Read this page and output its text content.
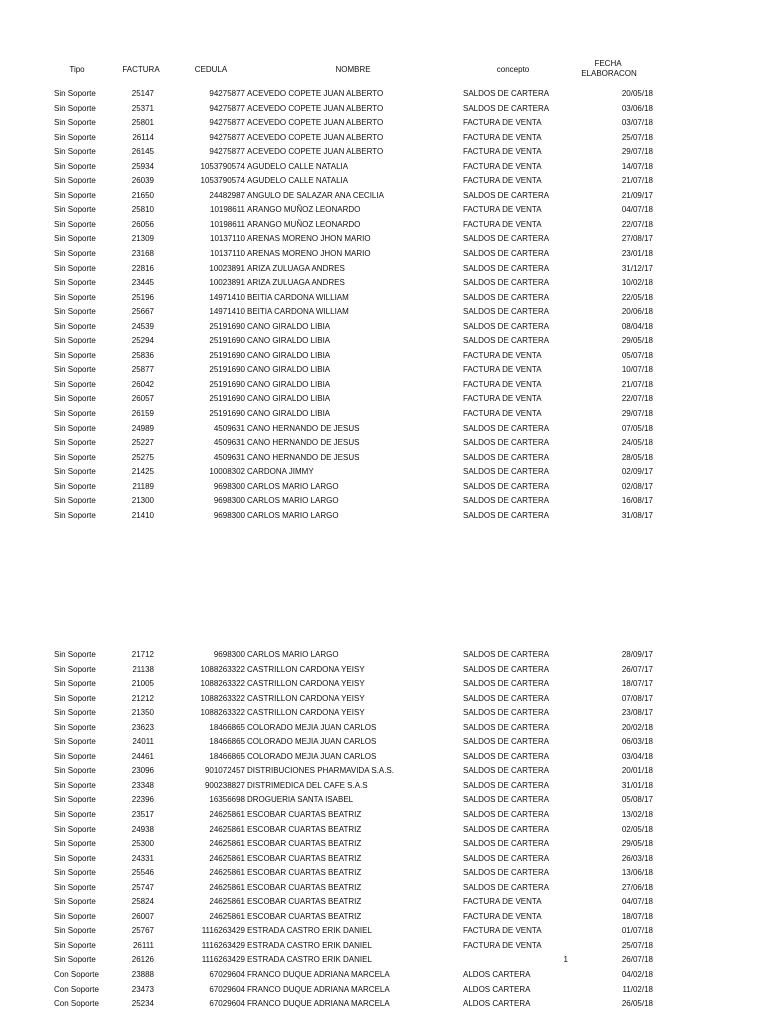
Tipo	FACTURA	CEDULA	NOMBRE	concepto
FECHA
ELABORACON
Sin Soporte	25147	94275877 ACEVEDO COPETE JUAN ALBERTO	SALDOS DE CARTERA	20/05/18
Sin Soporte	25371	94275877 ACEVEDO COPETE JUAN ALBERTO	SALDOS DE CARTERA	03/06/18
Sin Soporte	25801	94275877 ACEVEDO COPETE JUAN ALBERTO	FACTURA DE VENTA	03/07/18
Sin Soporte	26114	94275877 ACEVEDO COPETE JUAN ALBERTO	FACTURA DE VENTA	25/07/18
Sin Soporte	26145	94275877 ACEVEDO COPETE JUAN ALBERTO	FACTURA DE VENTA	29/07/18
Sin Soporte	25934	1053790574 AGUDELO CALLE NATALIA	FACTURA DE VENTA	14/07/18
Sin Soporte	26039	1053790574 AGUDELO CALLE NATALIA	FACTURA DE VENTA	21/07/18
Sin Soporte	21650	24482987 ANGULO DE SALAZAR ANA CECILIA	SALDOS DE CARTERA	21/09/17
Sin Soporte	25810	10198611 ARANGO MUÑOZ LEONARDO	FACTURA DE VENTA	04/07/18
Sin Soporte	26056	10198611 ARANGO MUÑOZ LEONARDO	FACTURA DE VENTA	22/07/18
Sin Soporte	21309	10137110 ARENAS MORENO JHON MARIO	SALDOS DE CARTERA	27/08/17
Sin Soporte	23168	10137110 ARENAS MORENO JHON MARIO	SALDOS DE CARTERA	23/01/18
Sin Soporte	22816	10023891 ARIZA ZULUAGA ANDRES	SALDOS DE CARTERA	31/12/17
Sin Soporte	23445	10023891 ARIZA ZULUAGA ANDRES	SALDOS DE CARTERA	10/02/18
Sin Soporte	25196	14971410 BEITIA CARDONA WILLIAM	SALDOS DE CARTERA	22/05/18
Sin Soporte	25667	14971410 BEITIA CARDONA WILLIAM	SALDOS DE CARTERA	20/06/18
Sin Soporte	24539	25191690 CANO GIRALDO LIBIA	SALDOS DE CARTERA	08/04/18
Sin Soporte	25294	25191690 CANO GIRALDO LIBIA	SALDOS DE CARTERA	29/05/18
Sin Soporte	25836	25191690 CANO GIRALDO LIBIA	FACTURA DE VENTA	05/07/18
Sin Soporte	25877	25191690 CANO GIRALDO LIBIA	FACTURA DE VENTA	10/07/18
Sin Soporte	26042	25191690 CANO GIRALDO LIBIA	FACTURA DE VENTA	21/07/18
Sin Soporte	26057	25191690 CANO GIRALDO LIBIA	FACTURA DE VENTA	22/07/18
Sin Soporte	26159	25191690 CANO GIRALDO LIBIA	FACTURA DE VENTA	29/07/18
Sin Soporte	24989	4509631 CANO HERNANDO DE JESUS	SALDOS DE CARTERA	07/05/18
Sin Soporte	25227	4509631 CANO HERNANDO DE JESUS	SALDOS DE CARTERA	24/05/18
Sin Soporte	25275	4509631 CANO HERNANDO DE JESUS	SALDOS DE CARTERA	28/05/18
Sin Soporte	21425	10008302 CARDONA JIMMY	SALDOS DE CARTERA	02/09/17
Sin Soporte	21189	9698300 CARLOS MARIO LARGO	SALDOS DE CARTERA	02/08/17
Sin Soporte	21300	9698300 CARLOS MARIO LARGO	SALDOS DE CARTERA	16/08/17
Sin Soporte	21410	9698300 CARLOS MARIO LARGO	SALDOS DE CARTERA	31/08/17
Sin Soporte	21712	9698300 CARLOS MARIO LARGO	SALDOS DE CARTERA	28/09/17
Sin Soporte	21138	1088263322 CASTRILLON CARDONA YEISY	SALDOS DE CARTERA	26/07/17
Sin Soporte	21005	1088263322 CASTRILLON CARDONA YEISY	SALDOS DE CARTERA	18/07/17
Sin Soporte	21212	1088263322 CASTRILLON CARDONA YEISY	SALDOS DE CARTERA	07/08/17
Sin Soporte	21350	1088263322 CASTRILLON CARDONA YEISY	SALDOS DE CARTERA	23/08/17
Sin Soporte	23623	18466865 COLORADO MEJIA JUAN CARLOS	SALDOS DE CARTERA	20/02/18
Sin Soporte	24011	18466865 COLORADO MEJIA JUAN CARLOS	SALDOS DE CARTERA	06/03/18
Sin Soporte	24461	18466865 COLORADO MEJIA JUAN CARLOS	SALDOS DE CARTERA	03/04/18
Sin Soporte	23096	901072457 DISTRIBUCIONES PHARMAVIDA S.A.S.	SALDOS DE CARTERA	20/01/18
Sin Soporte	23348	900238827 DISTRIMEDICA DEL CAFE S.A.S	SALDOS DE CARTERA	31/01/18
Sin Soporte	22396	16356698 DROGUERIA SANTA ISABEL	SALDOS DE CARTERA	05/08/17
Sin Soporte	23517	24625861 ESCOBAR CUARTAS BEATRIZ	SALDOS DE CARTERA	13/02/18
Sin Soporte	24938	24625861 ESCOBAR CUARTAS BEATRIZ	SALDOS DE CARTERA	02/05/18
Sin Soporte	25300	24625861 ESCOBAR CUARTAS BEATRIZ	SALDOS DE CARTERA	29/05/18
Sin Soporte	24331	24625861 ESCOBAR CUARTAS BEATRIZ	SALDOS DE CARTERA	26/03/18
Sin Soporte	25546	24625861 ESCOBAR CUARTAS BEATRIZ	SALDOS DE CARTERA	13/06/18
Sin Soporte	25747	24625861 ESCOBAR CUARTAS BEATRIZ	SALDOS DE CARTERA	27/06/18
Sin Soporte	25824	24625861 ESCOBAR CUARTAS BEATRIZ	FACTURA DE VENTA	04/07/18
Sin Soporte	26007	24625861 ESCOBAR CUARTAS BEATRIZ	FACTURA DE VENTA	18/07/18
Sin Soporte	25767	1116263429 ESTRADA CASTRO ERIK DANIEL	FACTURA DE VENTA	01/07/18
Sin Soporte	26111	1116263429 ESTRADA CASTRO ERIK DANIEL	FACTURA DE VENTA	25/07/18
Sin Soporte	26126	1116263429 ESTRADA CASTRO ERIK DANIEL	1	26/07/18
Con Soporte	23888	67029604 FRANCO DUQUE ADRIANA MARCELA	ALDOS CARTERA	04/02/18
Con Soporte	23473	67029604 FRANCO DUQUE ADRIANA MARCELA	ALDOS CARTERA	11/02/18
Con Soporte	25234	67029604 FRANCO DUQUE ADRIANA MARCELA	ALDOS CARTERA	26/05/18
